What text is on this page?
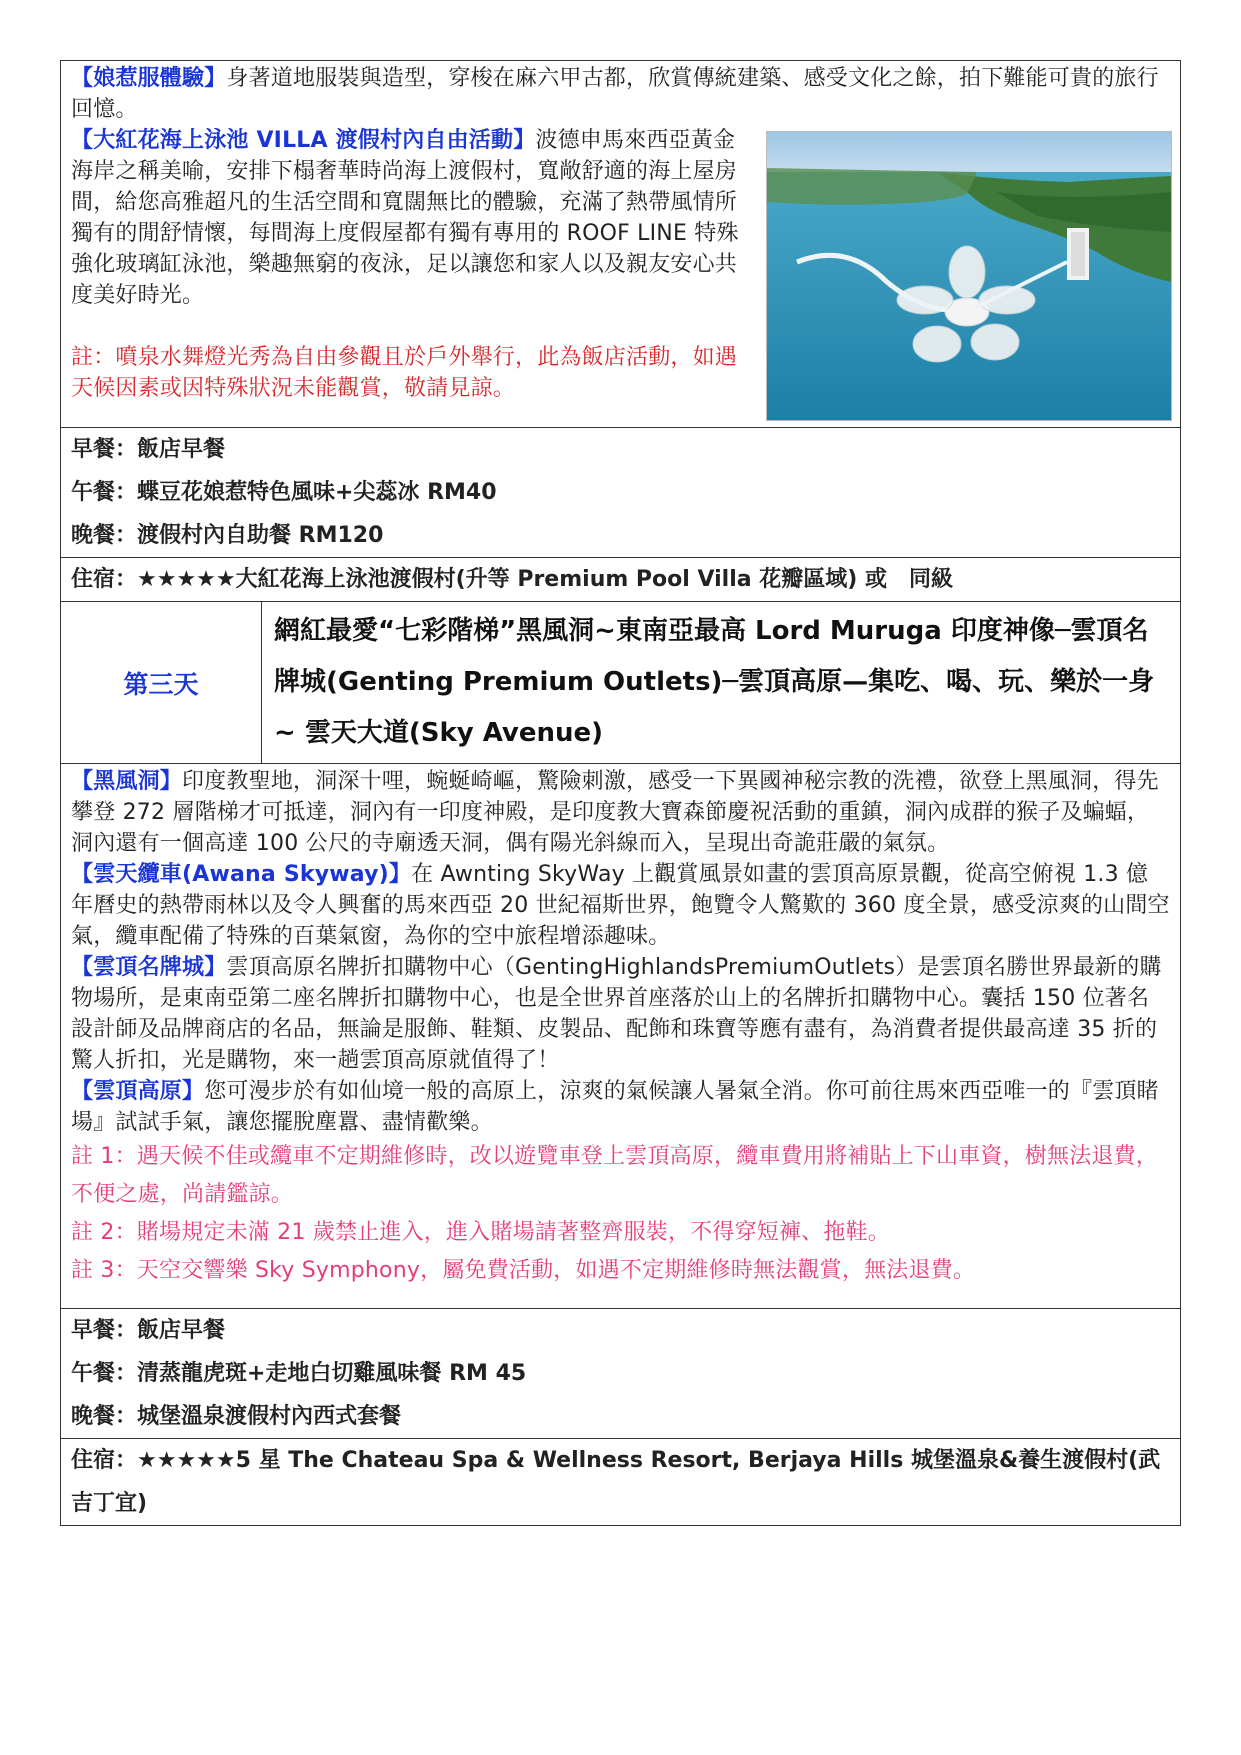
【娘惹服體驗】身著道地服裝與造型，穿梭在麻六甲古都，欣賞傳統建築、感受文化之餘，拍下難能可貴的旅行回憶。

【大紅花海上泳池 VILLA 渡假村內自由活動】波德申馬來西亞黃金海岸之稱美喻，安排下榻奢華時尚海上渡假村，寬敞舒適的海上屋房間，給您高雅超凡的生活空間和寬闊無比的體驗，充滿了熱帶風情所獨有的閒舒情懷，每間海上度假屋都有獨有專用的 ROOF LINE 特殊強化玻璃缸泳池，樂趣無窮的夜泳，足以讓您和家人以及親友安心共度美好時光。

註：噴泉水舞燈光秀為自由參觀且於戶外舉行，此為飯店活動，如遇天候因素或因特殊狀況未能觀賞，敬請見諒。

早餐：飯店早餐
午餐：蝶豆花娘惹特色風味+尖蕊冰 RM40
晚餐：渡假村內自助餐 RM120
住宿：★★★★★大紅花海上泳池渡假村(升等 Premium Pool Villa 花瓣區域) 或　同級
第三天
網紅最愛“七彩階梯”黑風洞~東南亞最高 Lord Muruga 印度神像─雲頂名牌城(Genting Premium Outlets)─雲頂高原—集吃、喝、玩、樂於一身 ~ 雲天大道(Sky Avenue)

【黑風洞】印度教聖地，洞深十哩，蜿蜒崎嶇，驚險刺激，感受一下異國神秘宗教的洗禮，欲登上黑風洞，得先攀登 272 層階梯才可抵達，洞內有一印度神殿，是印度教大寶森節慶祝活動的重鎮，洞內成群的猴子及蝙蝠，洞內還有一個高達 100 公尺的寺廟透天洞，偶有陽光斜線而入，呈現出奇詭莊嚴的氣氛。

【雲天纜車(Awana Skyway)】在 Awnting SkyWay 上觀賞風景如畫的雲頂高原景觀，從高空俯視 1.3 億年曆史的熱帶雨林以及令人興奮的馬來西亞 20 世紀福斯世界，飽覽令人驚歎的 360 度全景，感受涼爽的山間空氣，纜車配備了特殊的百葉氣窗，為你的空中旅程增添趣味。

【雲頂名牌城】雲頂高原名牌折扣購物中心（GentingHighlandsPremiumOutlets）是雲頂名勝世界最新的購物場所，是東南亞第二座名牌折扣購物中心，也是全世界首座落於山上的名牌折扣購物中心。囊括 150 位著名設計師及品牌商店的名品，無論是服飾、鞋類、皮製品、配飾和珠寶等應有盡有，為消費者提供最高達 35 折的驚人折扣，光是購物，來一趟雲頂高原就值得了！

【雲頂高原】您可漫步於有如仙境一般的高原上，涼爽的氣候讓人暑氣全消。你可前往馬來西亞唯一的『雲頂睹場』試試手氣，讓您擺脫塵囂、盡情歡樂。

註 1：遇天候不佳或纜車不定期維修時，改以遊覽車登上雲頂高原，纜車費用將補貼上下山車資，樹無法退費，不便之處，尚請鑑諒。

註 2：賭場規定未滿 21 歲禁止進入，進入賭場請著整齊服裝，不得穿短褲、拖鞋。

註 3：天空交響樂 Sky Symphony，屬免費活動，如遇不定期維修時無法觀賞，無法退費。

早餐：飯店早餐
午餐：清蒸龍虎斑+走地白切雞風味餐 RM 45
晚餐：城堡溫泉渡假村內西式套餐
住宿：★★★★★5 星 The Chateau Spa & Wellness Resort, Berjaya Hills 城堡溫泉&養生渡假村(武吉丁宜)
